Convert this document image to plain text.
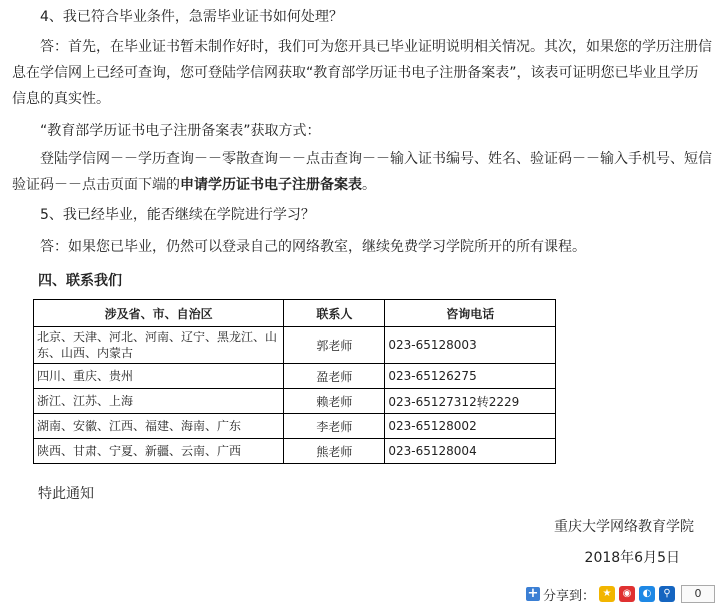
4、我已符合毕业条件，急需毕业证书如何处理？

答：首先，在毕业证书暂未制作好时，我们可为您开具已毕业证明说明相关情况。其次，如果您的学历注册信息在学信网上已经可查询，您可登陆学信网获取“教育部学历证书电子注册备案表”，该表可证明您已毕业且学历信息的真实性。

“教育部学历证书电子注册备案表”获取方式：

登陆学信网－－学历查询－－零散查询－－点击查询－－输入证书编号、姓名、验证码－－输入手机号、短信验证码－－点击页面下端的申请学历证书电子注册备案表。

5、我已经毕业，能否继续在学院进行学习？

答：如果您已毕业，仍然可以登录自己的网络教室，继续免费学习学院所开的所有课程。

四、联系我们
涉及省、市、自治区	联系人	咨询电话
北京、天津、河北、河南、辽宁、黑龙江、山东、山西、内蒙古	郭老师	023-65128003
四川、重庆、贵州	盈老师	023-65126275
浙江、江苏、上海	赖老师	023-65127312转2229
湖南、安徽、江西、福建、海南、广东	李老师	023-65128002
陕西、甘肃、宁夏、新疆、云南、广西	熊老师	023-65128004
特此通知
重庆大学网络教育学院
2018年6月5日
+ 分享到： ★	◉	◐	⚲	0
